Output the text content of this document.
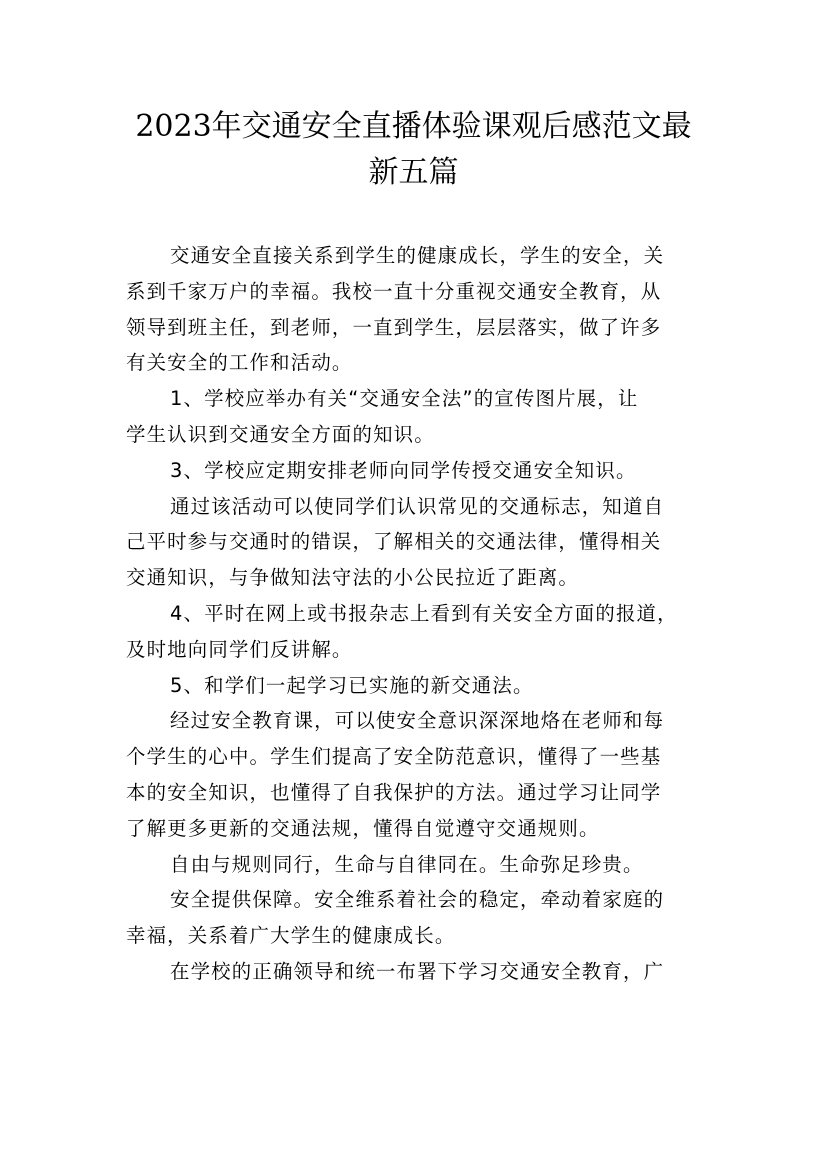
2023年交通安全直播体验课观后感范文最
新五篇
交通安全直接关系到学生的健康成长，学生的安全，关
系到千家万户的幸福。我校一直十分重视交通安全教育，从
领导到班主任，到老师，一直到学生，层层落实，做了许多
有关安全的工作和活动。
1、学校应举办有关“交通安全法”的宣传图片展，让
学生认识到交通安全方面的知识。
3、学校应定期安排老师向同学传授交通安全知识。
通过该活动可以使同学们认识常见的交通标志，知道自
己平时参与交通时的错误，了解相关的交通法律，懂得相关
交通知识，与争做知法守法的小公民拉近了距离。
4、平时在网上或书报杂志上看到有关安全方面的报道，
及时地向同学们反讲解。
5、和学们一起学习已实施的新交通法。
经过安全教育课，可以使安全意识深深地烙在老师和每
个学生的心中。学生们提高了安全防范意识，懂得了一些基
本的安全知识，也懂得了自我保护的方法。通过学习让同学
了解更多更新的交通法规，懂得自觉遵守交通规则。
自由与规则同行，生命与自律同在。生命弥足珍贵。
安全提供保障。安全维系着社会的稳定，牵动着家庭的
幸福，关系着广大学生的健康成长。
在学校的正确领导和统一布署下学习交通安全教育，广
